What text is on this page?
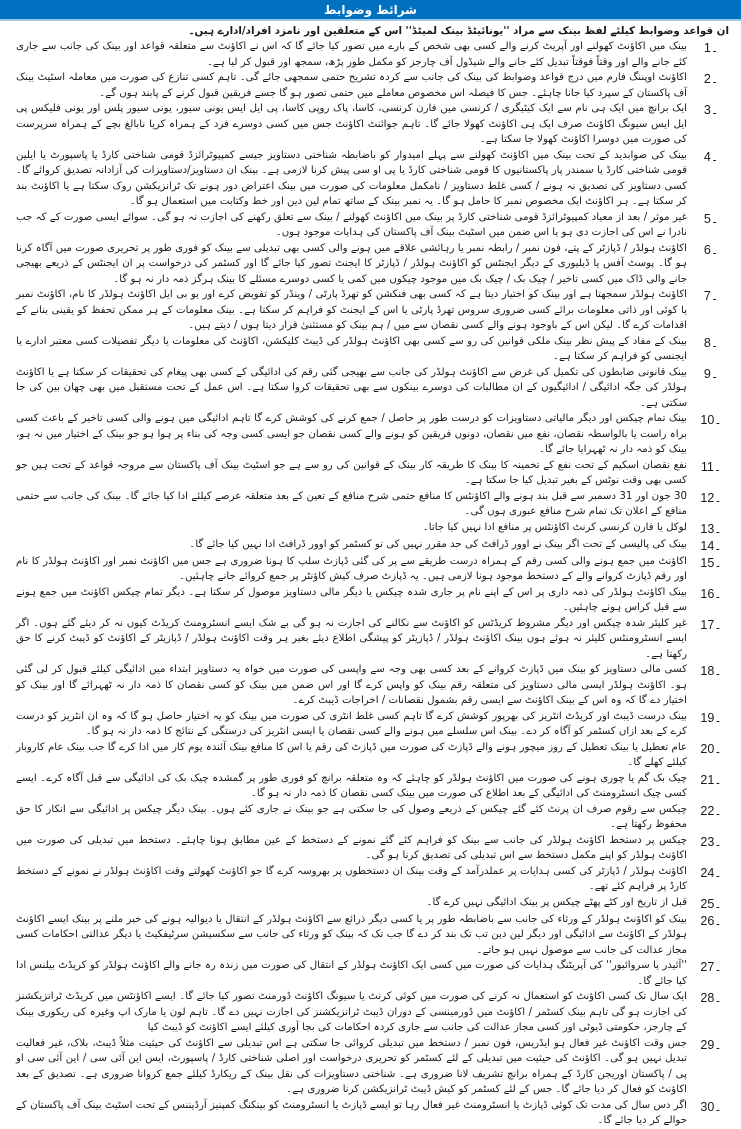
شرائط وضوابط
ان قواعد وضوابط کیلئے لفظ بینک سے مراد ''یونائیٹڈ بینک لمیٹڈ'' اس کے متعلقین اور نامزد افراد/ادارے ہیں۔
1۔
بینک میں اکاؤنٹ کھولنے اور آپریٹ کرنے والے کسی بھی شخص کے بارے میں تصور کیا جائے گا کہ اس نے اکاؤنٹ سے متعلقہ قواعد اور بینک کی جانب سے جاری کئے جانے والے اور وقتاً فوقتاً تبدیل کئے جانے والے شیڈول آف چارجز کو مکمل طور پڑھ، سمجھ اور قبول کر لیا ہے۔
2۔
اکاؤنٹ اوپننگ فارم میں درج قواعد وضوابط کی بینک کی جانب سے کردہ تشریح حتمی سمجھی جائے گی۔ تاہم کسی تنازع کی صورت میں معاملہ اسٹیٹ بینک آف پاکستان کے سپرد کیا جانا چاہئے۔ جس کا فیصلہ اس مخصوص معاملے میں حتمی تصور ہو گا جسے فریقین قبول کرنے کے پابند ہوں گے۔
3۔
ایک برانچ میں ایک ہی نام سے ایک کیٹیگری / کرنسی میں فارن کرنسی، کاسا، پاک روپی کاسا، پی ایل ایس یونی سیور، یونی سیور پلس اور یونی فلیکس پی ایل ایس سیونگ اکاؤنٹ صرف ایک ہی اکاؤنٹ کھولا جائے گا۔ تاہم جوائنٹ اکاؤنٹ جس میں کسی دوسرے فرد کے ہمراہ کریا نابالغ بچے کے ہمراہ سرپرست کی صورت میں دوسرا اکاؤنٹ کھولا جا سکتا ہے۔
4۔
بینک کی صوابدید کے تحت بینک میں اکاؤنٹ کھولنے سے پہلے امیدوار کو باضابطہ شناختی دستاویز جیسے کمپیوٹرائزڈ قومی شناختی کارڈ یا پاسپورٹ یا ایلین قومی شناختی کارڈ یا سمندر پار پاکستانیوں کا قومی شناختی کارڈ یا پی او سی پیش کرنا لازمی ہے۔ بینک ان دستاویز/دستاویزات کی آزادانہ تصدیق کروائے گا۔ کسی دستاویز کی تصدیق نہ ہونے / کسی غلط دستاویز / نامکمل معلومات کی صورت میں بینک اعتراض دور ہونے تک ٹرانزیکشن روک سکتا ہے یا اکاؤنٹ بند کر سکتا ہے۔ ہر اکاؤنٹ ایک مخصوص نمبر کا حامل ہو گا۔ یہ نمبر بینک کے ساتھ تمام لین دین اور خط وکتابت میں استعمال ہو گا۔
5۔
غیر موثر / بعد از معیاد کمپیوٹرائزڈ قومی شناختی کارڈ پر بینک میں اکاؤنٹ کھولنے / بینک سے تعلق رکھنے کی اجازت نہ ہو گی۔ سوائے ایسی صورت کے کہ جب نادرا نے اس کی اجازت دی ہو یا اس ضمن میں اسٹیٹ بینک آف پاکستان کی ہدایات موجود ہوں۔
6۔
اکاؤنٹ ہولڈر / ڈپازٹر کے پتے، فون نمبر / رابطہ نمبر یا رہائشی علاقے میں ہونے والی کسی بھی تبدیلی سے بینک کو فوری طور پر تحریری صورت میں آگاہ کرنا ہو گا۔ پوسٹ آفس یا ڈیلیوری کے دیگر ایجنٹس کو اکاؤنٹ ہولڈر / ڈپازٹر کا ایجنٹ تصور کیا جائے گا اور کسٹمر کی درخواست پر ان ایجنٹس کے ذریعے بھیجی جانے والی ڈاک میں کسی تاخیر / چیک بک / چیک بک میں موجود چیکوں میں کمی یا کسی دوسرے مسئلے کا بینک ہرگز ذمہ دار نہ ہو گا۔
7۔
اکاؤنٹ ہولڈر سمجھتا ہے اور بینک کو اختیار دیتا ہے کہ کسی بھی فنکشن کو تھرڈ پارٹی / وینڈر کو تفویض کرے اور یو بی ایل اکاؤنٹ ہولڈر کا نام، اکاؤنٹ نمبر یا کوئی اور ذاتی معلومات برائے کسی ضروری سروس تھرڈ پارٹی یا اس کے ایجنٹ کو فراہم کر سکتا ہے۔ بینک معلومات کے ہر ممکن تحفظ کو یقینی بنانے کے اقدامات کرے گا۔ لیکن اس کے باوجود ہونے والے کسی نقصان سے میں / ہم بینک کو مستثنیٰ قرار دیتا ہوں / دیتے ہیں۔
8۔
بینک کے مفاد کے پیش نظر بینک ملکی قوانین کی رو سے کسی بھی اکاؤنٹ ہولڈر کی ڈیبٹ کلیکشن، اکاؤنٹ کی معلومات یا دیگر تفصیلات کسی معتبر ادارے یا ایجنسی کو فراہم کر سکتا ہے۔
9۔
بینک قانونی ضابطوں کی تکمیل کی غرض سے اکاؤنٹ ہولڈر کی جانب سے بھیجی گئی رقم کی ادائیگی کے کسی بھی پیغام کی تحقیقات کر سکتا ہے یا اکاؤنٹ ہولڈر کی جگہ ادائیگی / ادائیگیوں کے ان مطالبات کی دوسرے بینکوں سے بھی تحقیقات کروا سکتا ہے۔ اس عمل کے تحت مستقبل میں بھی چھان بین کی جا سکتی ہے۔
10۔
بینک تمام چیکس اور دیگر مالیاتی دستاویزات کو درست طور پر حاصل / جمع کرنے کی کوشش کرے گا تاہم ادائیگی میں ہونے والی کسی تاخیر کے باعث کسی براہ راست یا بالواسطہ نقصان، نفع میں نقصان، دونوں فریقین کو ہونے والے کسی نقصان جو ایسی کسی وجہ کی بناء پر ہوا ہو جو بینک کے اختیار میں نہ ہو، بینک کو ذمہ دار نہ ٹھہرایا جائے گا۔
11۔
نفع نقصان اسکیم کے تحت نفع کے تخمینہ کا بینک کا طریقہ کار بینک کے قوانین کی رو سے ہے جو اسٹیٹ بینک آف پاکستان سے مروجہ قواعد کے تحت ہیں جو کسی بھی وقت نوٹس کے بغیر تبدیل کیا جا سکتا ہے۔
12۔
30 جون اور 31 دسمبر سے قبل بند ہونے والے اکاؤنٹس کا منافع حتمی شرح منافع کے تعین کے بعد متعلقہ عرصے کیلئے ادا کیا جائے گا۔ بینک کی جانب سے حتمی منافع کے اعلان تک تمام شرح منافع عبوری ہوں گی۔
13۔
لوکل یا فارن کرنسی کرنٹ اکاؤنٹس پر منافع ادا نہیں کیا جاتا۔
14۔
بینک کی پالیسی کے تحت اگر بینک نے اوور ڈرافٹ کی حد مقرر نہیں کی تو کسٹمر کو اوور ڈرافٹ ادا نہیں کیا جائے گا۔
15۔
اکاؤنٹ میں جمع ہونے والی کسی رقم کے ہمراہ درست طریقے سے پر کی گئی ڈپازٹ سلپ کا ہونا ضروری ہے جس میں اکاؤنٹ نمبر اور اکاؤنٹ ہولڈر کا نام اور رقم ڈپازٹ کروانے والے کے دستخط موجود ہونا لازمی ہیں۔ یہ ڈپازٹ صرف کیش کاؤنٹر پر جمع کروائے جانے چاہئیں۔
16۔
بینک اکاؤنٹ ہولڈر کی ذمہ داری پر اس کے اپنے نام پر جاری شدہ چیکس یا دیگر مالی دستاویز موصول کر سکتا ہے۔ دیگر تمام چیکس اکاؤنٹ میں جمع ہونے سے قبل کراس ہونے چاہئیں۔
17۔
غیر کلیئر شدہ چیکس اور دیگر مشروط کریڈٹس کو اکاؤنٹ سے نکالنے کی اجازت نہ ہو گی بے شک ایسے انسٹرومنٹ کریڈٹ کیوں نہ کر دیئے گئے ہوں۔ اگر ایسے انسٹرومنٹس کلیئر نہ ہوئے ہوں بینک اکاؤنٹ ہولڈر / ڈپازیٹر کو پیشگی اطلاع دیئے بغیر ہر وقت اکاؤنٹ ہولڈر / ڈپازیٹر کے اکاؤنٹ کو ڈیبٹ کرنے کا حق رکھتا ہے۔
18۔
کسی مالی دستاویز کو بینک میں ڈپازٹ کروانے کے بعد کسی بھی وجہ سے واپسی کی صورت میں خواہ یہ دستاویز ابتداء میں ادائیگی کیلئے قبول کر لی گئی ہو۔ اکاؤنٹ ہولڈر ایسی مالی دستاویز کی متعلقہ رقم بینک کو واپس کرے گا اور اس ضمن میں بینک کو کسی نقصان کا ذمہ دار نہ ٹھہرائے گا اور بینک کو اختیار دے گا کہ وہ اس کے بینک اکاؤنٹ سے ایسی رقم بشمول نقصانات / اخراجات ڈیبٹ کرے۔
19۔
بینک درست ڈیبٹ اور کریڈٹ انٹریز کی بھرپور کوشش کرے گا تاہم کسی غلط انٹری کی صورت میں بینک کو یہ اختیار حاصل ہو گا کہ وہ ان انٹریز کو درست کرے کے بعد ازاں کسٹمر کو آگاہ کر دے۔ بینک اس سلسلے میں ہونے والے کسی نقصان یا ایسی انٹریز کی درستگی کے نتائج کا ذمہ دار نہ ہو گا۔
20۔
عام تعطیل یا بینک تعطیل کے روز میچور ہونے والے ڈپازٹ کی صورت میں ڈپازٹ کی رقم یا اس کا منافع بینک آئندہ یوم کار میں ادا کرے گا جب بینک عام کاروبار کیلئے کھلے گا۔
21۔
چیک بک گم یا چوری ہونے کی صورت میں اکاؤنٹ ہولڈر کو چاہئے کہ وہ متعلقہ برانچ کو فوری طور پر گمشدہ چیک بک کی ادائیگی سے قبل آگاہ کرے۔ ایسے کسی چیک انسٹرومنٹ کی ادائیگی کے بعد اطلاع کی صورت میں بینک کسی نقصان کا ذمہ دار نہ ہو گا۔
22۔
چیکس سے رقوم صرف ان پرنٹ کئے گئے چیکس کے ذریعے وصول کی جا سکتی ہے جو بینک نے جاری کئے ہوں۔ بینک دیگر چیکس پر ادائیگی سے انکار کا حق محفوظ رکھتا ہے۔
23۔
چیکس پر دستخط اکاؤنٹ ہولڈر کی جانب سے بینک کو فراہم کئے گئے نمونے کے دستخط کے عین مطابق ہونا چاہئے۔ دستخط میں تبدیلی کی صورت میں اکاؤنٹ ہولڈر کو اپنے مکمل دستخط سے اس تبدیلی کی تصدیق کرنا ہو گی۔
24۔
اکاؤنٹ ہولڈر / ڈپازٹر کی کسی ہدایات پر عملدرآمد کے وقت بینک ان دستخطوں پر بھروسہ کرے گا جو اکاؤنٹ کھولتے وقت اکاؤنٹ ہولڈر نے نمونے کے دستخط کارڈ پر فراہم کئے تھے۔
25۔
قبل از تاریخ اور کٹے پھٹے چیکس پر بینک ادائیگی نہیں کرے گا۔
26۔
بینک کو اکاؤنٹ ہولڈر کے ورثاء کی جانب سے باضابطہ طور پر یا کسی دیگر ذرائع سے اکاؤنٹ ہولڈر کے انتقال یا دیوالیہ ہونے کی خبر ملنے پر بینک ایسے اکاؤنٹ ہولڈر کے اکاؤنٹ سے ادائیگی اور دیگر لین دین تب تک بند کر دے گا جب تک کہ بینک کو ورثاء کی جانب سے سکسیشن سرٹیفکیٹ یا دیگر عدالتی احکامات کسی مجاز عدالت کی جانب سے موصول نہیں ہو جاتے۔
27۔
''آئیدر یا سروائیور'' کی آپریٹنگ ہدایات کی صورت میں کسی ایک اکاؤنٹ ہولڈر کے انتقال کی صورت میں زندہ رہ جانے والے اکاؤنٹ ہولڈر کو کریڈٹ بیلنس ادا کیا جائے گا۔
28۔
ایک سال تک کسی اکاؤنٹ کو استعمال نہ کرنے کی صورت میں کوئی کرنٹ یا سیونگ اکاؤنٹ ڈورمنٹ تصور کیا جائے گا۔ ایسے اکاؤنٹس میں کریڈٹ ٹرانزیکشنز کی اجازت ہو گی تاہم بینک کسٹمر / اکاؤنٹ میں ڈورمینسی کے دوران ڈیبٹ ٹرانزیکشنز کی اجازت نہیں دے گا۔ تاہم لون یا مارک اپ وغیرہ کی ریکوری بینک کے چارجز، حکومتی ڈیوٹی اور کسی مجاز عدالت کی جانب سے جاری کردہ احکامات کی بجا آوری کیلئے ایسے اکاؤنٹ کو ڈیبٹ کیا
29۔
جس وقت اکاؤنٹ غیر فعال ہو ایڈریس، فون نمبر / دستخط میں تبدیلی کروائی جا سکتی ہے اس تبدیلی سے اکاؤنٹ کی حیثیت مثلاً ڈیبٹ، بلاک، غیر فعالیت تبدیل نہیں ہو گی۔ اکاؤنٹ کی حیثیت میں تبدیلی کے لئے کسٹمر کو تحریری درخواست اور اصلی شناختی کارڈ / پاسپورٹ، ایس این آئی سی / این آئی سی او پی / پاکستان اوریجن کارڈ کے ہمراہ برانچ تشریف لانا ضروری ہے۔ شناختی دستاویزات کی نقل بینک کے ریکارڈ کیلئے جمع کروانا ضروری ہے۔ تصدیق کے بعد اکاؤنٹ کو فعال کر دیا جائے گا۔ جس کے لئے کسٹمر کو کیش ڈیبٹ ٹرانزیکشن کرنا ضروری ہے۔
30۔
اگر دس سال کی مدت تک کوئی ڈپازٹ یا انسٹرومنٹ غیر فعال رہا تو ایسے ڈپازٹ یا انسٹرومنٹ کو بینکنگ کمپنیز آرڈیننس کے تحت اسٹیٹ بینک آف پاکستان کے حوالے کر دیا جائے گا۔
